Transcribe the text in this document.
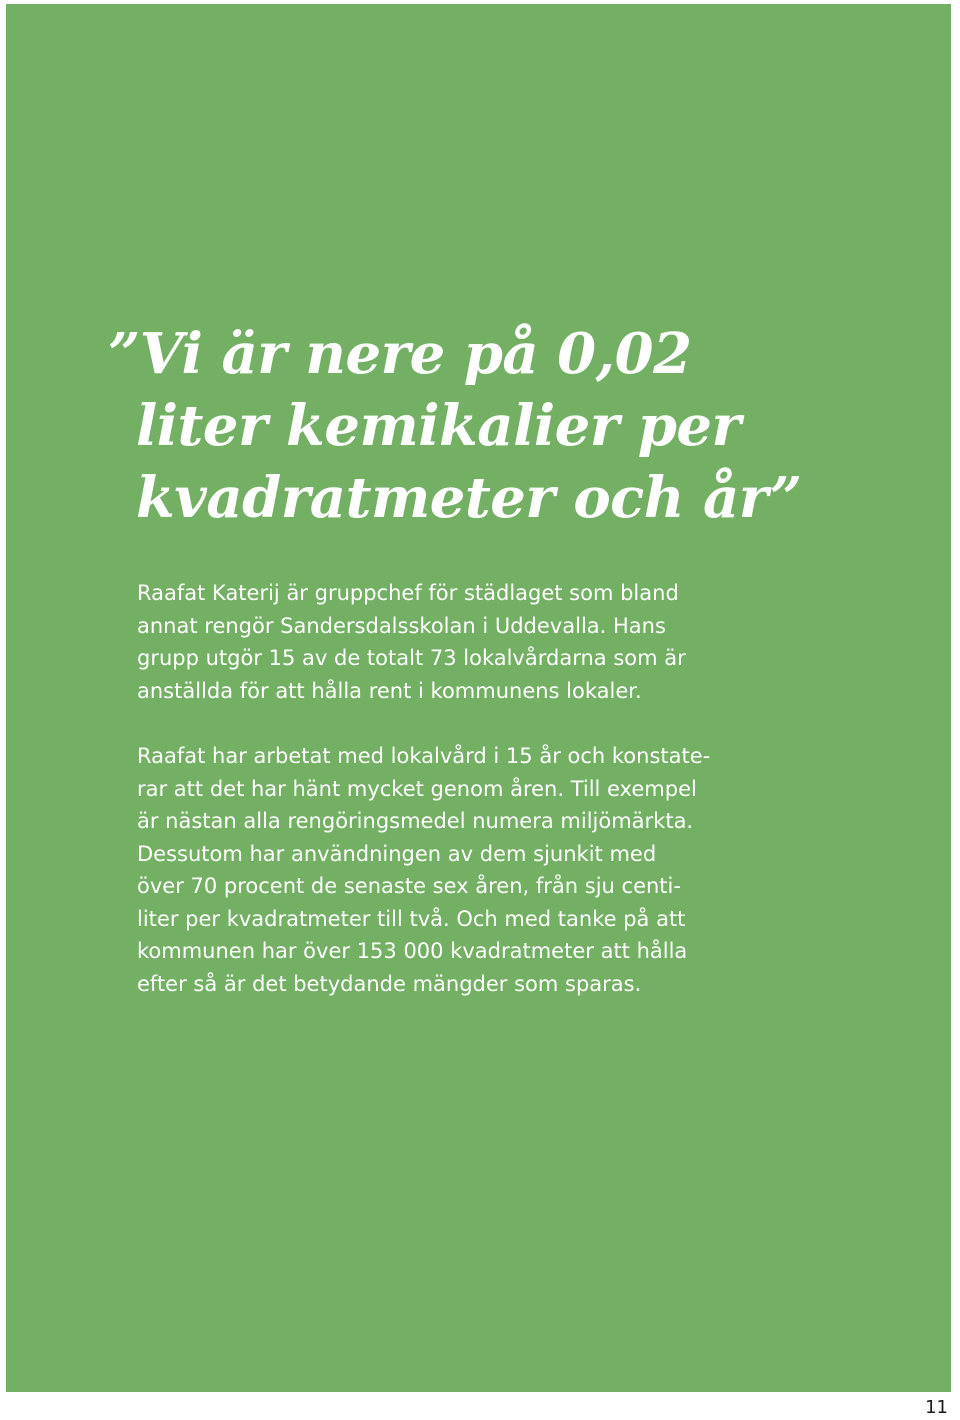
”Vi är nere på 0,02
liter kemikalier per
kvadratmeter och år”

Raafat Katerij är gruppchef för städlaget som bland
annat rengör Sandersdalsskolan i Uddevalla. Hans
grupp utgör 15 av de totalt 73 lokalvårdarna som är
anställda för att hålla rent i kommunens lokaler.

Raafat har arbetat med lokalvård i 15 år och konstate-
rar att det har hänt mycket genom åren. Till exempel
är nästan alla rengöringsmedel numera miljömärkta.
Dessutom har användningen av dem sjunkit med
över 70 procent de senaste sex åren, från sju centi-
liter per kvadratmeter till två. Och med tanke på att
kommunen har över 153 000 kvadratmeter att hålla
efter så är det betydande mängder som sparas.

11
